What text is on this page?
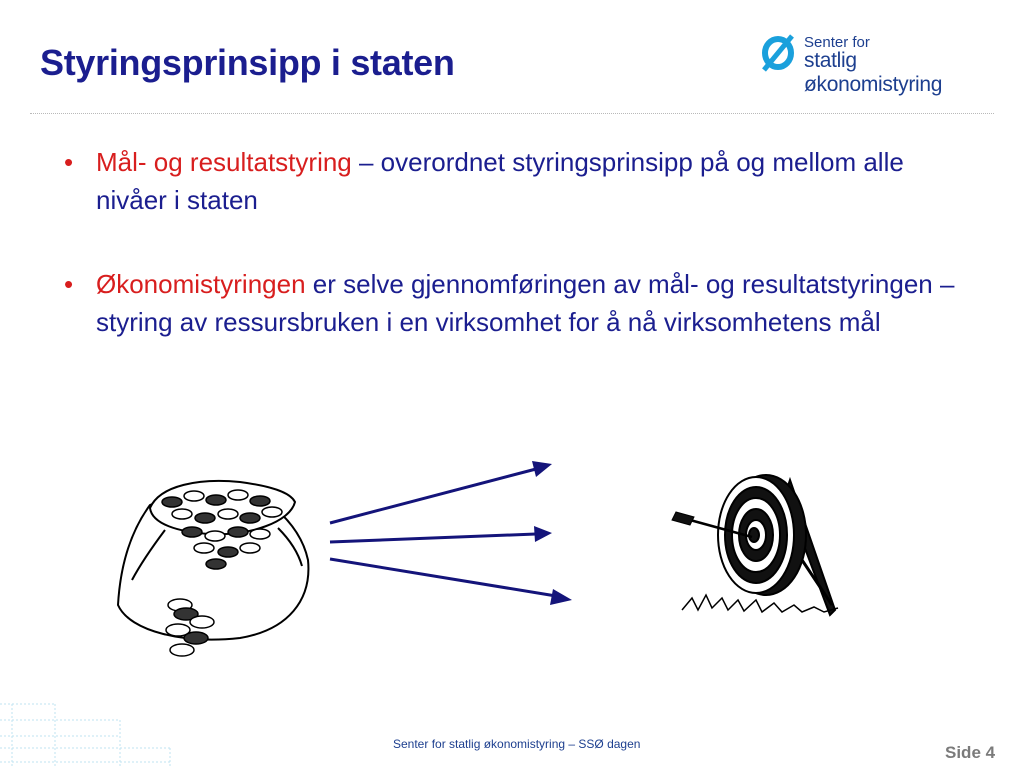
Styringsprinsipp i staten	Senter for
statlig økonomistyring
• Mål- og resultatstyring – overordnet styringsprinsipp på og mellom alle nivåer i staten
• Økonomistyringen er selve gjennomføringen av mål- og resultatstyringen – styring av ressursbruken i en virksomhet for å nå virksomhetens mål
Senter for statlig økonomistyring – SSØ dagen	Side 4
